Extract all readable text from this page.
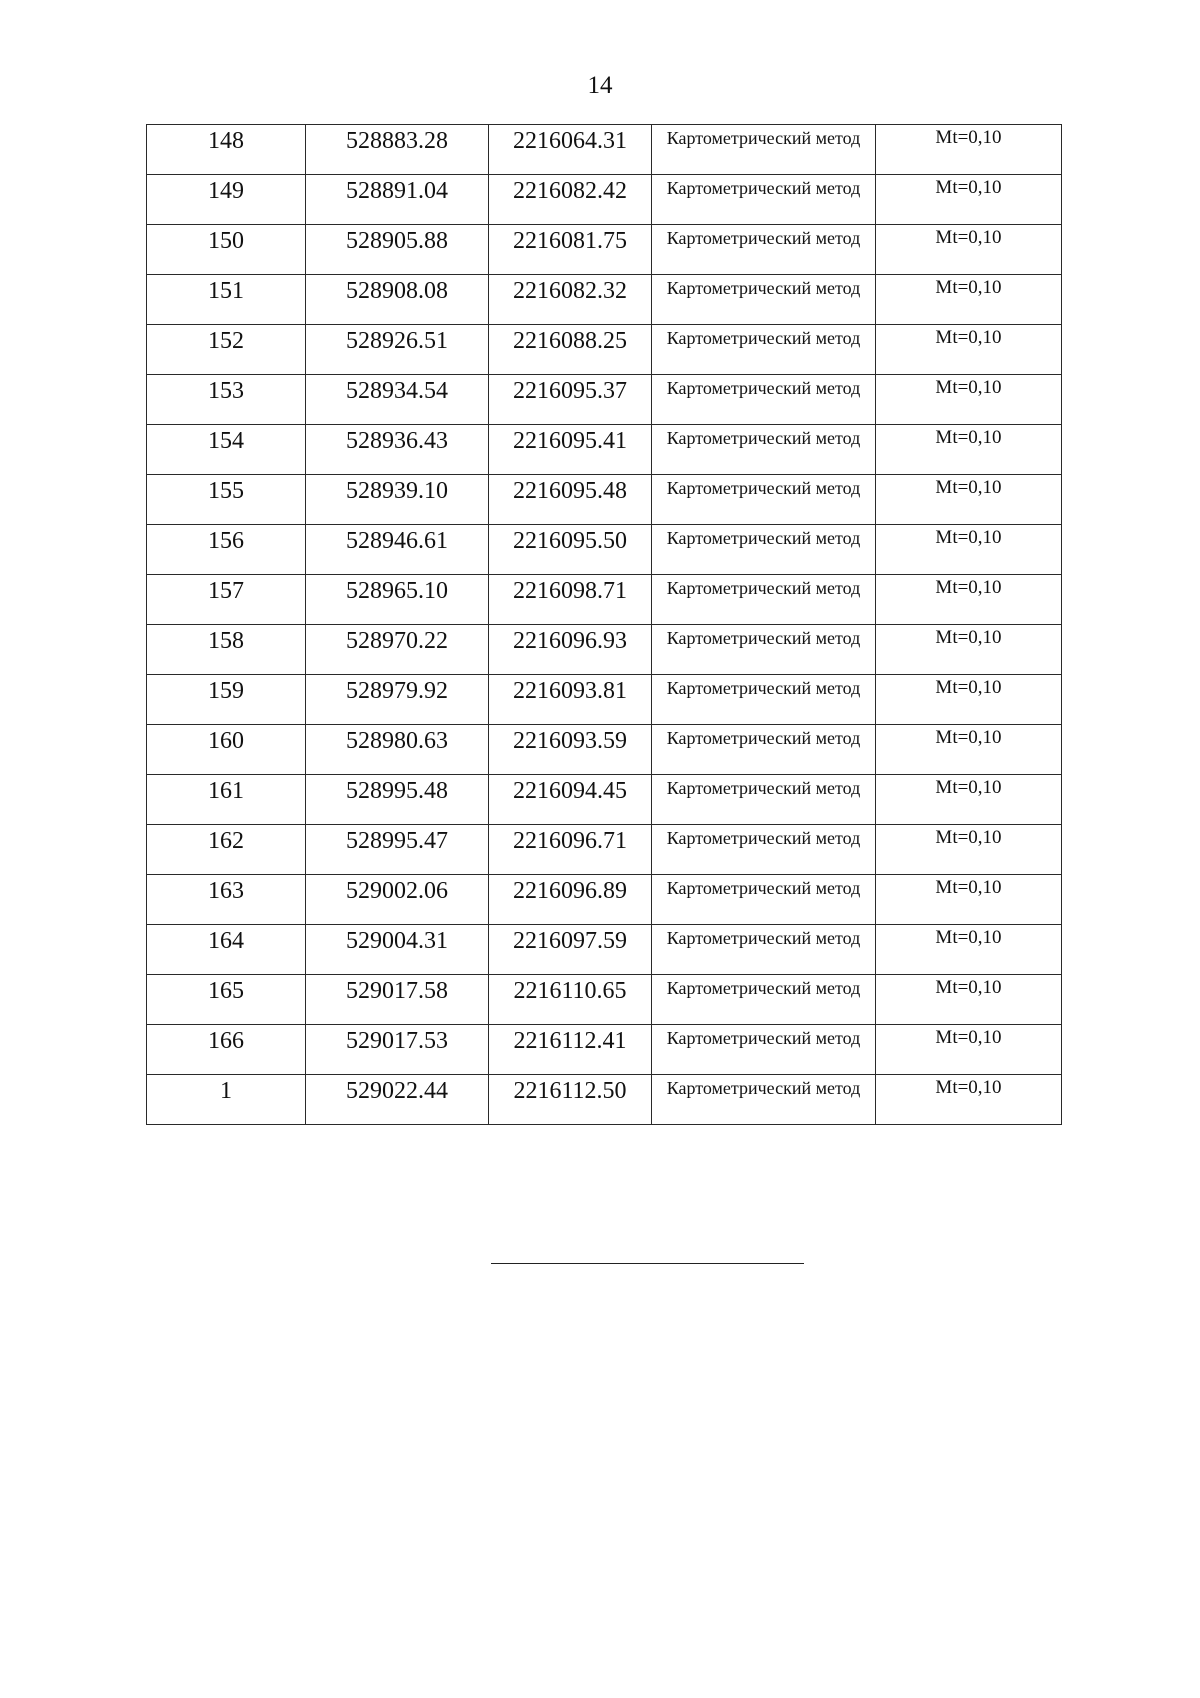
14
148	528883.28	2216064.31	Картометрический метод	Mt=0,10
149	528891.04	2216082.42	Картометрический метод	Mt=0,10
150	528905.88	2216081.75	Картометрический метод	Mt=0,10
151	528908.08	2216082.32	Картометрический метод	Mt=0,10
152	528926.51	2216088.25	Картометрический метод	Mt=0,10
153	528934.54	2216095.37	Картометрический метод	Mt=0,10
154	528936.43	2216095.41	Картометрический метод	Mt=0,10
155	528939.10	2216095.48	Картометрический метод	Mt=0,10
156	528946.61	2216095.50	Картометрический метод	Mt=0,10
157	528965.10	2216098.71	Картометрический метод	Mt=0,10
158	528970.22	2216096.93	Картометрический метод	Mt=0,10
159	528979.92	2216093.81	Картометрический метод	Mt=0,10
160	528980.63	2216093.59	Картометрический метод	Mt=0,10
161	528995.48	2216094.45	Картометрический метод	Mt=0,10
162	528995.47	2216096.71	Картометрический метод	Mt=0,10
163	529002.06	2216096.89	Картометрический метод	Mt=0,10
164	529004.31	2216097.59	Картометрический метод	Mt=0,10
165	529017.58	2216110.65	Картометрический метод	Mt=0,10
166	529017.53	2216112.41	Картометрический метод	Mt=0,10
1	529022.44	2216112.50	Картометрический метод	Mt=0,10
